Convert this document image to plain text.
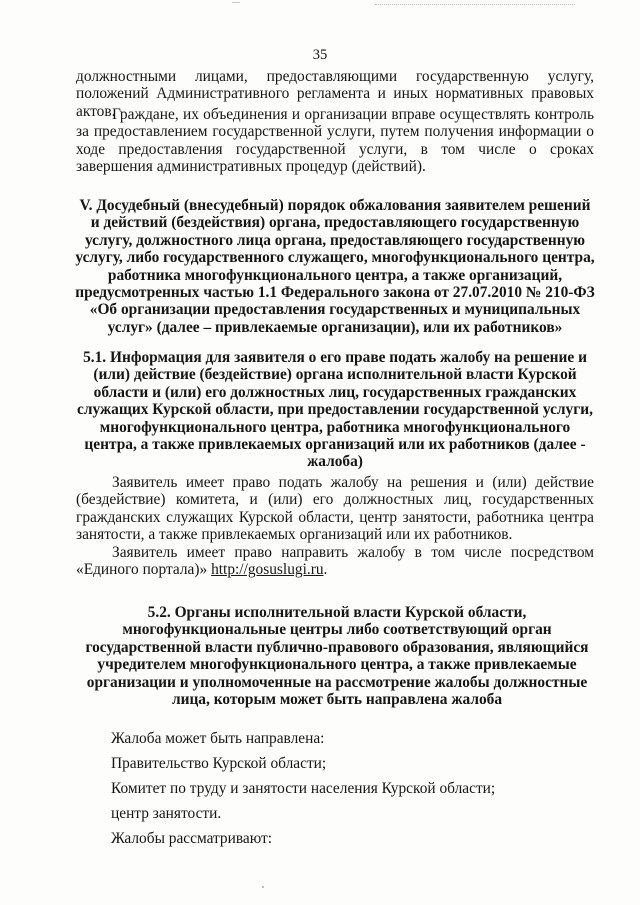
35

должностными лицами, предоставляющими государственную услугу, положений Административного регламента и иных нормативных правовых актов.

Граждане, их объединения и организации вправе осуществлять контроль за предоставлением государственной услуги, путем получения информации о ходе предоставления государственной услуги, в том числе о сроках завершения административных процедур (действий).

V. Досудебный (внесудебный) порядок обжалования заявителем решений и действий (бездействия) органа, предоставляющего государственную услугу, должностного лица органа, предоставляющего государственную услугу, либо государственного служащего, многофункционального центра, работника многофункционального центра, а также организаций, предусмотренных частью 1.1 Федерального закона от 27.07.2010 № 210-ФЗ «Об организации предоставления государственных и муниципальных услуг» (далее – привлекаемые организации), или их работников»

5.1. Информация для заявителя о его праве подать жалобу на решение и (или) действие (бездействие) органа исполнительной власти Курской области и (или) его должностных лиц, государственных гражданских служащих Курской области, при предоставлении государственной услуги, многофункционального центра, работника многофункционального центра, а также привлекаемых организаций или их работников (далее - жалоба)

Заявитель имеет право подать жалобу на решения и (или) действие (бездействие) комитета, и (или) его должностных лиц, государственных гражданских служащих Курской области, центр занятости, работника центра занятости, а также привлекаемых организаций или их работников.

Заявитель имеет право направить жалобу в том числе посредством «Единого портала)» http://gosuslugi.ru.

5.2. Органы исполнительной власти Курской области, многофункциональные центры либо соответствующий орган государственной власти публично-правового образования, являющийся учредителем многофункционального центра, а также привлекаемые организации и уполномоченные на рассмотрение жалобы должностные лица, которым может быть направлена жалоба

Жалоба может быть направлена:

Правительство Курской области;

Комитет по труду и занятости населения Курской области;

центр занятости.

Жалобы рассматривают:
